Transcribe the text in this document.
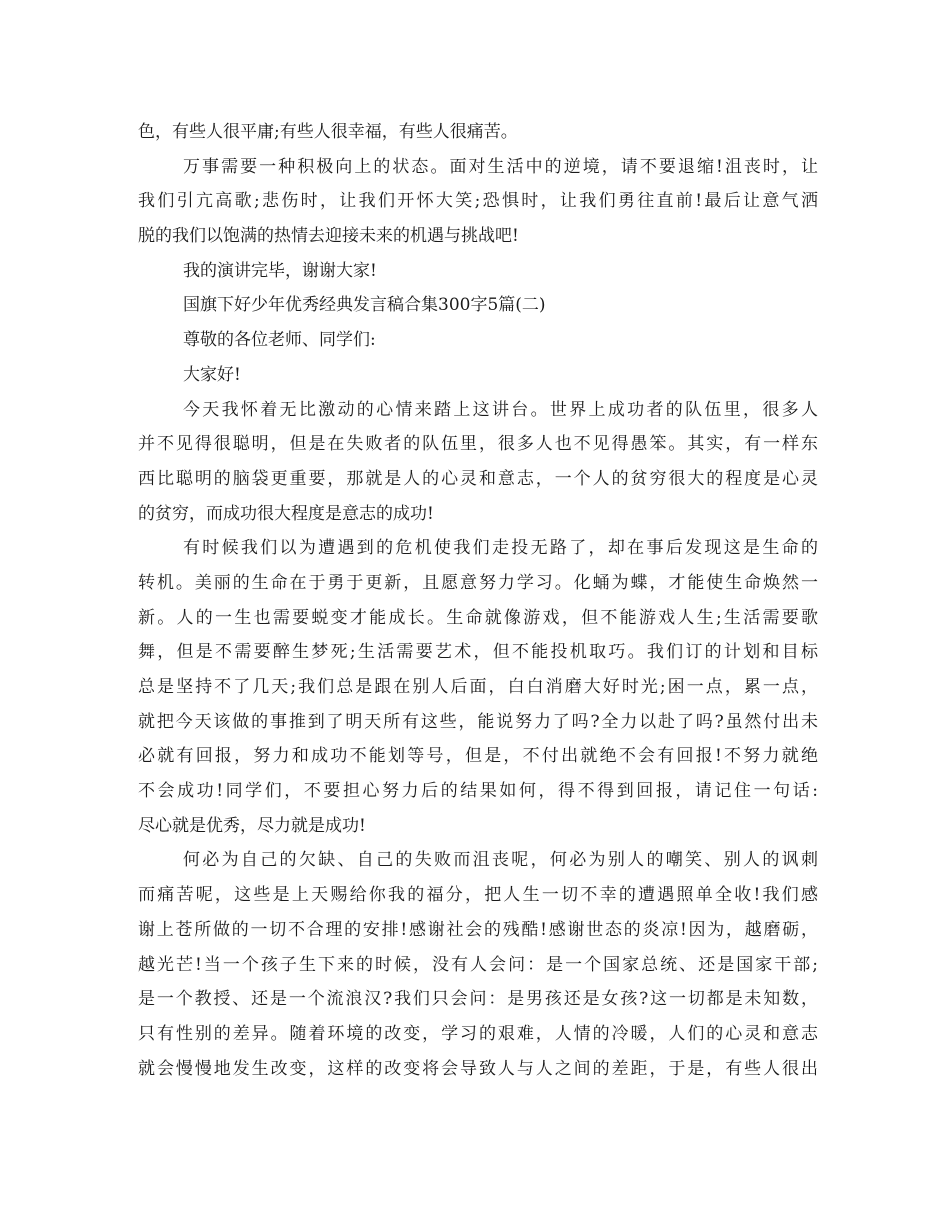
色，有些人很平庸;有些人很幸福，有些人很痛苦。
万事需要一种积极向上的状态。面对生活中的逆境，请不要退缩!沮丧时，让
我们引亢高歌;悲伤时，让我们开怀大笑;恐惧时，让我们勇往直前!最后让意气洒
脱的我们以饱满的热情去迎接未来的机遇与挑战吧!
我的演讲完毕，谢谢大家!
国旗下好少年优秀经典发言稿合集300字5篇(二)
尊敬的各位老师、同学们:
大家好!
今天我怀着无比激动的心情来踏上这讲台。世界上成功者的队伍里，很多人
并不见得很聪明，但是在失败者的队伍里，很多人也不见得愚笨。其实，有一样东
西比聪明的脑袋更重要，那就是人的心灵和意志，一个人的贫穷很大的程度是心灵
的贫穷，而成功很大程度是意志的成功!
有时候我们以为遭遇到的危机使我们走投无路了，却在事后发现这是生命的
转机。美丽的生命在于勇于更新，且愿意努力学习。化蛹为蝶，才能使生命焕然一
新。人的一生也需要蜕变才能成长。生命就像游戏，但不能游戏人生;生活需要歌
舞，但是不需要醉生梦死;生活需要艺术，但不能投机取巧。我们订的计划和目标
总是坚持不了几天;我们总是跟在别人后面，白白消磨大好时光;困一点，累一点，
就把今天该做的事推到了明天所有这些，能说努力了吗?全力以赴了吗?虽然付出未
必就有回报，努力和成功不能划等号，但是，不付出就绝不会有回报!不努力就绝
不会成功!同学们，不要担心努力后的结果如何，得不得到回报，请记住一句话:
尽心就是优秀，尽力就是成功!
何必为自己的欠缺、自己的失败而沮丧呢，何必为别人的嘲笑、别人的讽刺
而痛苦呢，这些是上天赐给你我的福分，把人生一切不幸的遭遇照单全收!我们感
谢上苍所做的一切不合理的安排!感谢社会的残酷!感谢世态的炎凉!因为，越磨砺，
越光芒!当一个孩子生下来的时候，没有人会问：是一个国家总统、还是国家干部;
是一个教授、还是一个流浪汉?我们只会问：是男孩还是女孩?这一切都是未知数，
只有性别的差异。随着环境的改变，学习的艰难，人情的冷暖，人们的心灵和意志
就会慢慢地发生改变，这样的改变将会导致人与人之间的差距，于是，有些人很出
